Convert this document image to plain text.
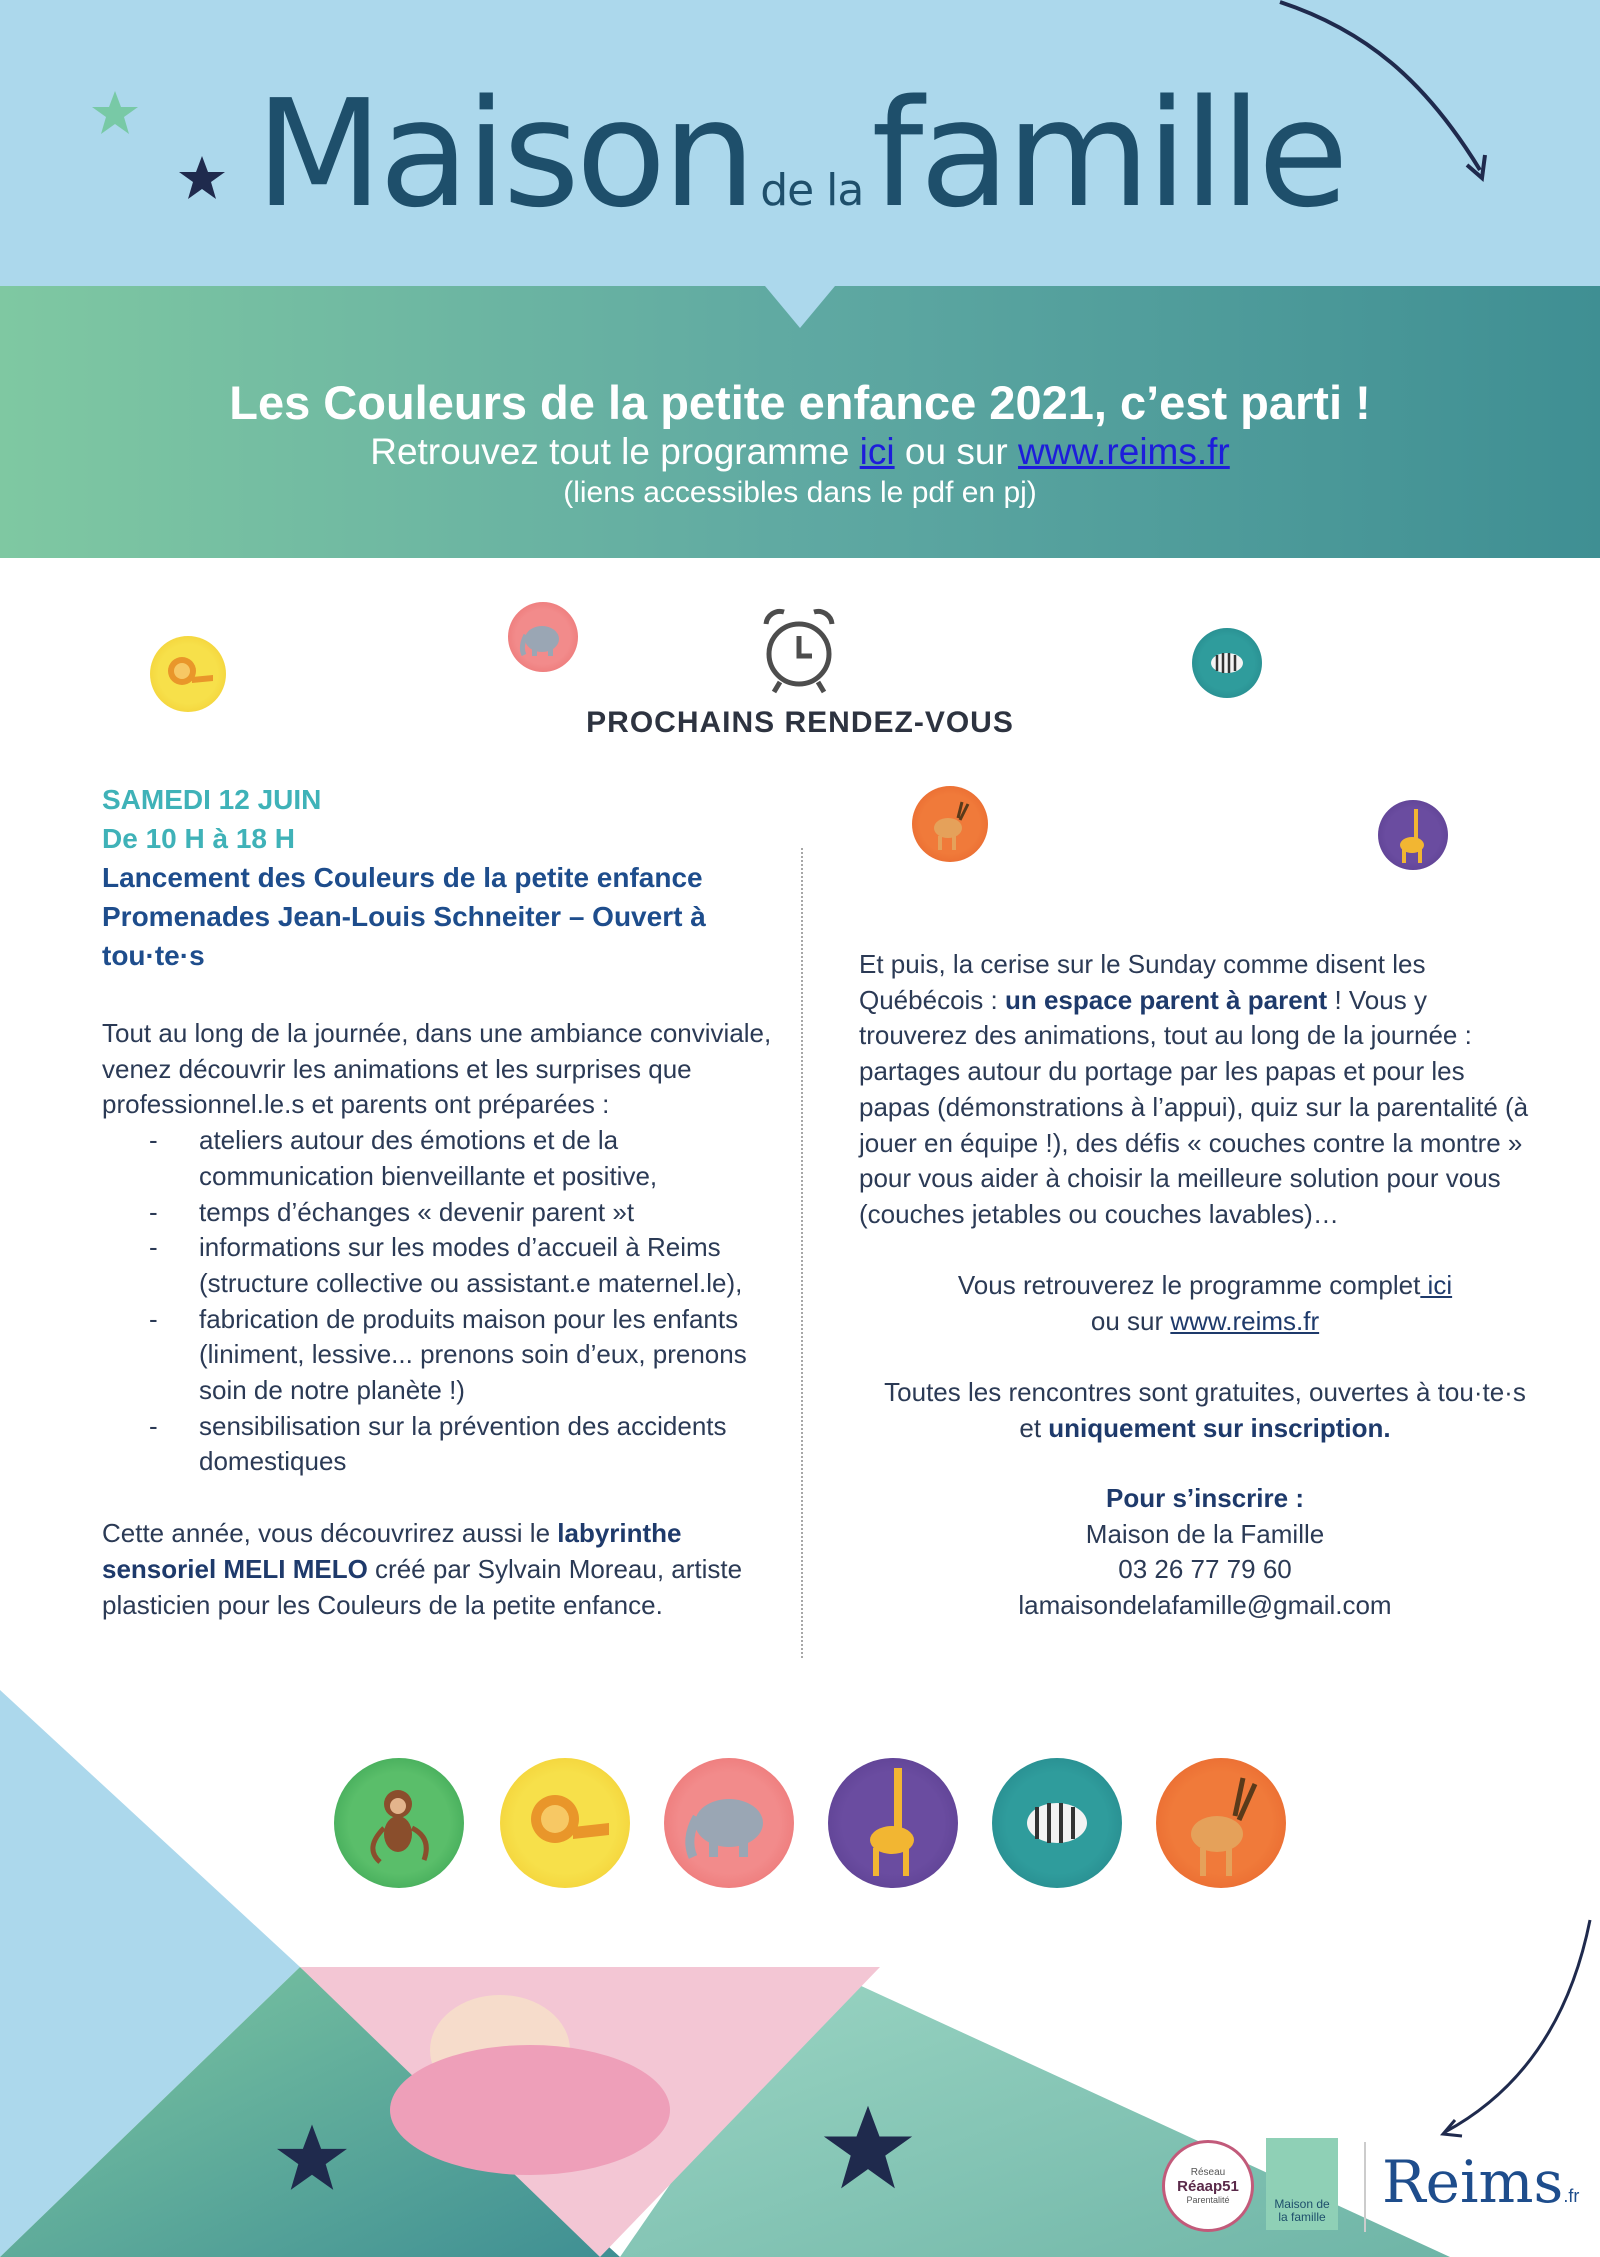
Maison de lafamille
Les Couleurs de la petite enfance 2021, c’est parti !
Retrouvez tout le programme ici ou sur www.reims.fr
(liens accessibles dans le pdf en pj)
PROCHAINS RENDEZ-VOUS
SAMEDI 12 JUIN
De 10 H à 18 H
Lancement des Couleurs de la petite enfance
Promenades Jean-Louis Schneiter – Ouvert à
tou·te·s
Tout au long de la journée, dans une ambiance conviviale, venez découvrir les animations et les surprises que professionnel.le.s et parents ont préparées :
- ateliers autour des émotions et de la communication bienveillante et positive,
- temps d’échanges « devenir parent »t
- informations sur les modes d’accueil à Reims (structure collective ou assistant.e maternel.le),
- fabrication de produits maison pour les enfants (liniment, lessive... prenons soin d’eux, prenons soin de notre planète !)
- sensibilisation sur la prévention des accidents domestiques
Cette année, vous découvrirez aussi le labyrinthe sensoriel MELI MELO créé par Sylvain Moreau, artiste plasticien pour les Couleurs de la petite enfance.
Et puis, la cerise sur le Sunday comme disent les Québécois : un espace parent à parent ! Vous y trouverez des animations, tout au long de la journée : partages autour du portage par les papas et pour les papas (démonstrations à l’appui), quiz sur la parentalité (à jouer en équipe !), des défis « couches contre la montre » pour vous aider à choisir la meilleure solution pour vous (couches jetables ou couches lavables)…
Vous retrouverez le programme complet ici
ou sur www.reims.fr
Toutes les rencontres sont gratuites, ouvertes à tou·te·s
et uniquement sur inscription.
Pour s’inscrire :
Maison de la Famille
03 26 77 79 60
lamaisondelafamille@gmail.com
Réseau
Réaap51
Parentalité	Maison de la famille
Reims.fr
